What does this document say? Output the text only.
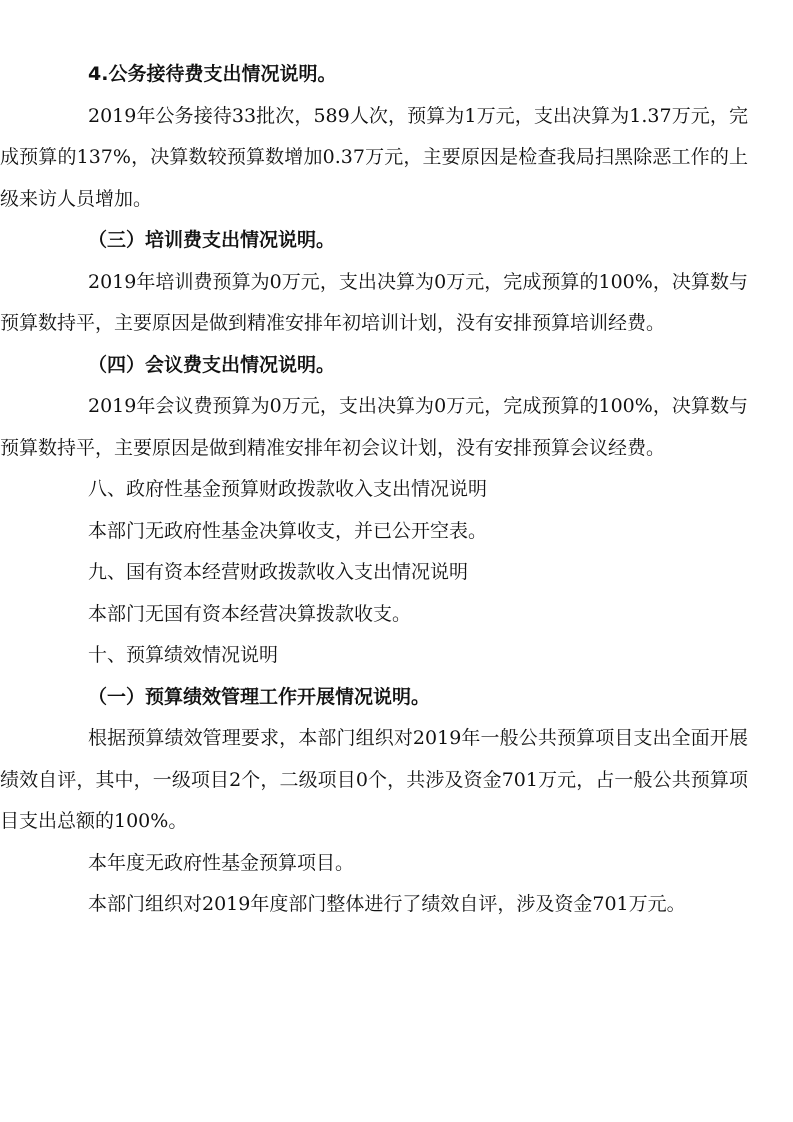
4.公务接待费支出情况说明。

2019年公务接待33批次，589人次，预算为1万元，支出决算为1.37万元，完成预算的137%，决算数较预算数增加0.37万元，主要原因是检查我局扫黑除恶工作的上级来访人员增加。

（三）培训费支出情况说明。

2019年培训费预算为0万元，支出决算为0万元，完成预算的100%，决算数与预算数持平，主要原因是做到精准安排年初培训计划，没有安排预算培训经费。

（四）会议费支出情况说明。

2019年会议费预算为0万元，支出决算为0万元，完成预算的100%，决算数与预算数持平，主要原因是做到精准安排年初会议计划，没有安排预算会议经费。

八、政府性基金预算财政拨款收入支出情况说明

本部门无政府性基金决算收支，并已公开空表。

九、国有资本经营财政拨款收入支出情况说明

本部门无国有资本经营决算拨款收支。

十、预算绩效情况说明

（一）预算绩效管理工作开展情况说明。

根据预算绩效管理要求，本部门组织对2019年一般公共预算项目支出全面开展绩效自评，其中，一级项目2个，二级项目0个，共涉及资金701万元，占一般公共预算项目支出总额的100%。

本年度无政府性基金预算项目。

本部门组织对2019年度部门整体进行了绩效自评，涉及资金701万元。
